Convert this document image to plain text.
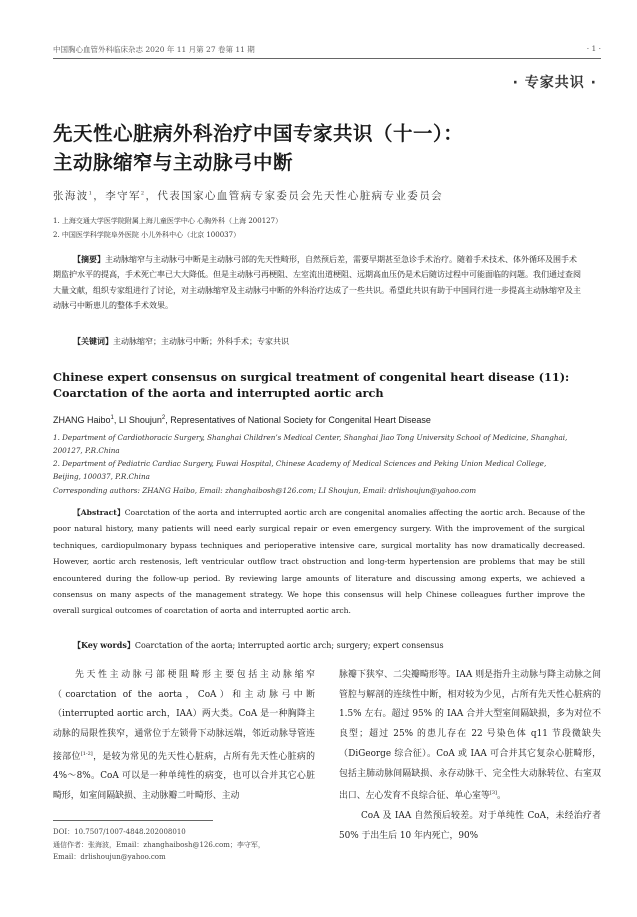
中国胸心血管外科临床杂志 2020 年 11 月第 27 卷第 11 期	· 1 ·
· 专家共识 ·
先天性心脏病外科治疗中国专家共识（十一）：
主动脉缩窄与主动脉弓中断
张海波$^1$，李守军$^2$，代表国家心血管病专家委员会先天性心脏病专业委员会
1. 上海交通大学医学院附属上海儿童医学中心 心胸外科（上海 200127）
2. 中国医学科学院阜外医院 小儿外科中心（北京 100037）
【摘要】主动脉缩窄与主动脉弓中断是主动脉弓部的先天性畸形，自然预后差，需要早期甚至急诊手术治疗。随着手术技术、体外循环及围手术期监护水平的提高，手术死亡率已大大降低。但是主动脉弓再梗阻、左室流出道梗阻、远期高血压仍是术后随访过程中可能面临的问题。我们通过查阅大量文献，组织专家组进行了讨论，对主动脉缩窄及主动脉弓中断的外科治疗达成了一些共识。希望此共识有助于中国同行进一步提高主动脉缩窄及主动脉弓中断患儿的整体手术效果。
【关键词】主动脉缩窄；主动脉弓中断；外科手术；专家共识
Chinese expert consensus on surgical treatment of congenital heart disease (11):
Coarctation of the aorta and interrupted aortic arch
ZHANG Haibo$^1$, LI Shoujun$^2$, Representatives of National Society for Congenital Heart Disease
1. Department of Cardiothoracic Surgery, Shanghai Children’s Medical Center, Shanghai Jiao Tong University School of Medicine, Shanghai, 200127, P.R.China
2. Department of Pediatric Cardiac Surgery, Fuwai Hospital, Chinese Academy of Medical Sciences and Peking Union Medical College, Beijing, 100037, P.R.China
Corresponding authors: ZHANG Haibo, Email: zhanghaibosh@126.com; LI Shoujun, Email: drlishoujun@yahoo.com
【Abstract】Coarctation of the aorta and interrupted aortic arch are congenital anomalies affecting the aortic arch. Because of the poor natural history, many patients will need early surgical repair or even emergency surgery. With the improvement of the surgical techniques, cardiopulmonary bypass techniques and perioperative intensive care, surgical mortality has now dramatically decreased. However, aortic arch restenosis, left ventricular outflow tract obstruction and long-term hypertension are problems that may be still encountered during the follow-up period. By reviewing large amounts of literature and discussing among experts, we achieved a consensus on many aspects of the management strategy. We hope this consensus will help Chinese colleagues further improve the overall surgical outcomes of coarctation of aorta and interrupted aortic arch.
【Key words】Coarctation of the aorta; interrupted aortic arch; surgery; expert consensus
先天性主动脉弓部梗阻畸形主要包括主动脉缩窄（coarctation of the aorta，CoA）和主动脉弓中断（interrupted aortic arch，IAA）两大类。CoA 是一种胸降主动脉的局限性狭窄，通常位于左锁骨下动脉远端，邻近动脉导管连接部位[1-2]，是较为常见的先天性心脏病，占所有先天性心脏病的 4%～8%。CoA 可以是一种单纯性的病变，也可以合并其它心脏畸形，如室间隔缺损、主动脉瓣二叶畸形、主动
脉瓣下狭窄、二尖瓣畸形等。IAA 则是指升主动脉与降主动脉之间管腔与解剖的连续性中断，相对较为少见，占所有先天性心脏病的 1.5% 左右。超过 95% 的 IAA 合并大型室间隔缺损，多为对位不良型；超过 25% 的患儿存在 22 号染色体 q11 节段微缺失（DiGeorge 综合征）。CoA 或 IAA 可合并其它复杂心脏畸形，包括主肺动脉间隔缺损、永存动脉干、完全性大动脉转位、右室双出口、左心发育不良综合征、单心室等[3]。
CoA 及 IAA 自然预后较差。对于单纯性 CoA，未经治疗者 50% 于出生后 10 年内死亡，90%
DOI：10.7507/1007-4848.202008010
通信作者：张海波，Email：zhanghaibosh@126.com；李守军，
Email：drlishoujun@yahoo.com
